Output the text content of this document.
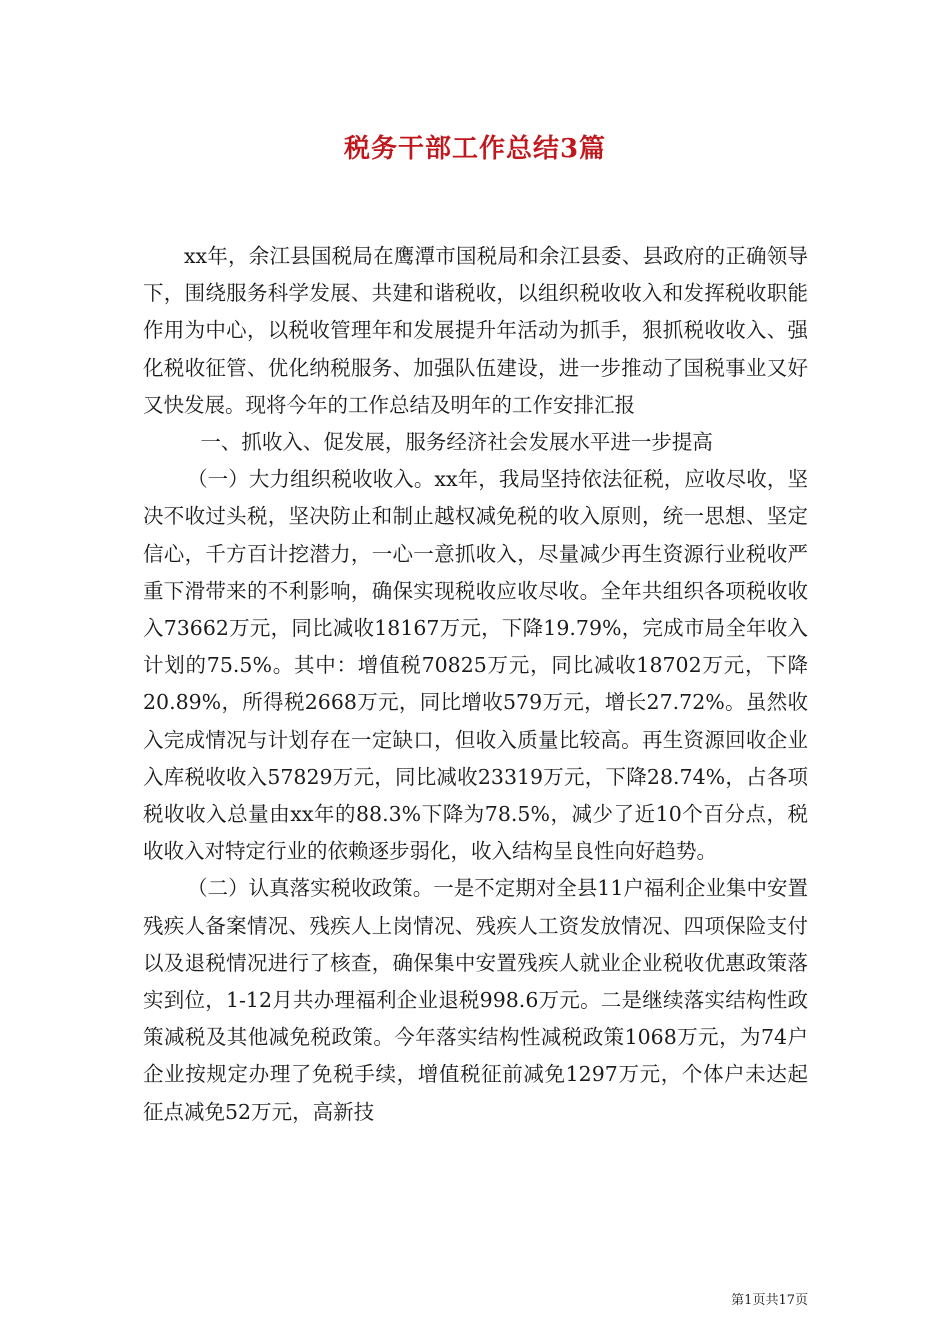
税务干部工作总结3篇

xx年，余江县国税局在鹰潭市国税局和余江县委、县政府的正确领导下，围绕服务科学发展、共建和谐税收，以组织税收收入和发挥税收职能作用为中心，以税收管理年和发展提升年活动为抓手，狠抓税收收入、强化税收征管、优化纳税服务、加强队伍建设，进一步推动了国税事业又好又快发展。现将今年的工作总结及明年的工作安排汇报

一、抓收入、促发展，服务经济社会发展水平进一步提高

（一）大力组织税收收入。xx年，我局坚持依法征税，应收尽收，坚决不收过头税，坚决防止和制止越权减免税的收入原则，统一思想、坚定信心，千方百计挖潜力，一心一意抓收入，尽量减少再生资源行业税收严重下滑带来的不利影响，确保实现税收应收尽收。全年共组织各项税收收入73662万元，同比减收18167万元，下降19.79%，完成市局全年收入计划的75.5%。其中：增值税70825万元，同比减收18702万元，下降20.89%，所得税2668万元，同比增收579万元，增长27.72%。虽然收入完成情况与计划存在一定缺口，但收入质量比较高。再生资源回收企业入库税收收入57829万元，同比减收23319万元，下降28.74%，占各项税收收入总量由xx年的88.3%下降为78.5%，减少了近10个百分点，税收收入对特定行业的依赖逐步弱化，收入结构呈良性向好趋势。

（二）认真落实税收政策。一是不定期对全县11户福利企业集中安置残疾人备案情况、残疾人上岗情况、残疾人工资发放情况、四项保险支付以及退税情况进行了核查，确保集中安置残疾人就业企业税收优惠政策落实到位，1-12月共办理福利企业退税998.6万元。二是继续落实结构性政策减税及其他减免税政策。今年落实结构性减税政策1068万元，为74户企业按规定办理了免税手续，增值税征前减免1297万元，个体户未达起征点减免52万元，高新技

第1页共17页
